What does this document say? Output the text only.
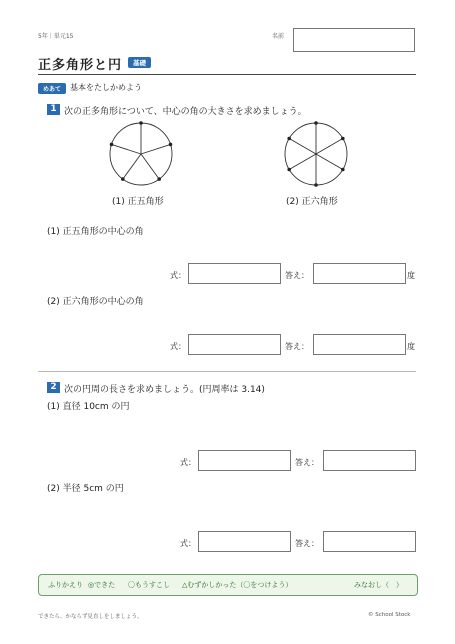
5年｜単元15	名前
正多角形と円	基礎
めあて	基本をたしかめよう
1 次の正多角形について、中心の角の大きさを求めましょう。
(1) 正五角形	(2) 正六角形
(1) 正五角形の中心の角
式：	答え：	度
(2) 正六角形の中心の角
式：	答え：	度
2 次の円周の長さを求めましょう。(円周率は 3.14)
(1) 直径 10cm の円
式：	答え：
(2) 半径 5cm の円
式：	答え：
ふりかえり ◎できた 〇もうすこし △むずかしかった（〇をつけよう）	みなおし（　）
できたら、かならず見直しをしましょう。	© School Stock
